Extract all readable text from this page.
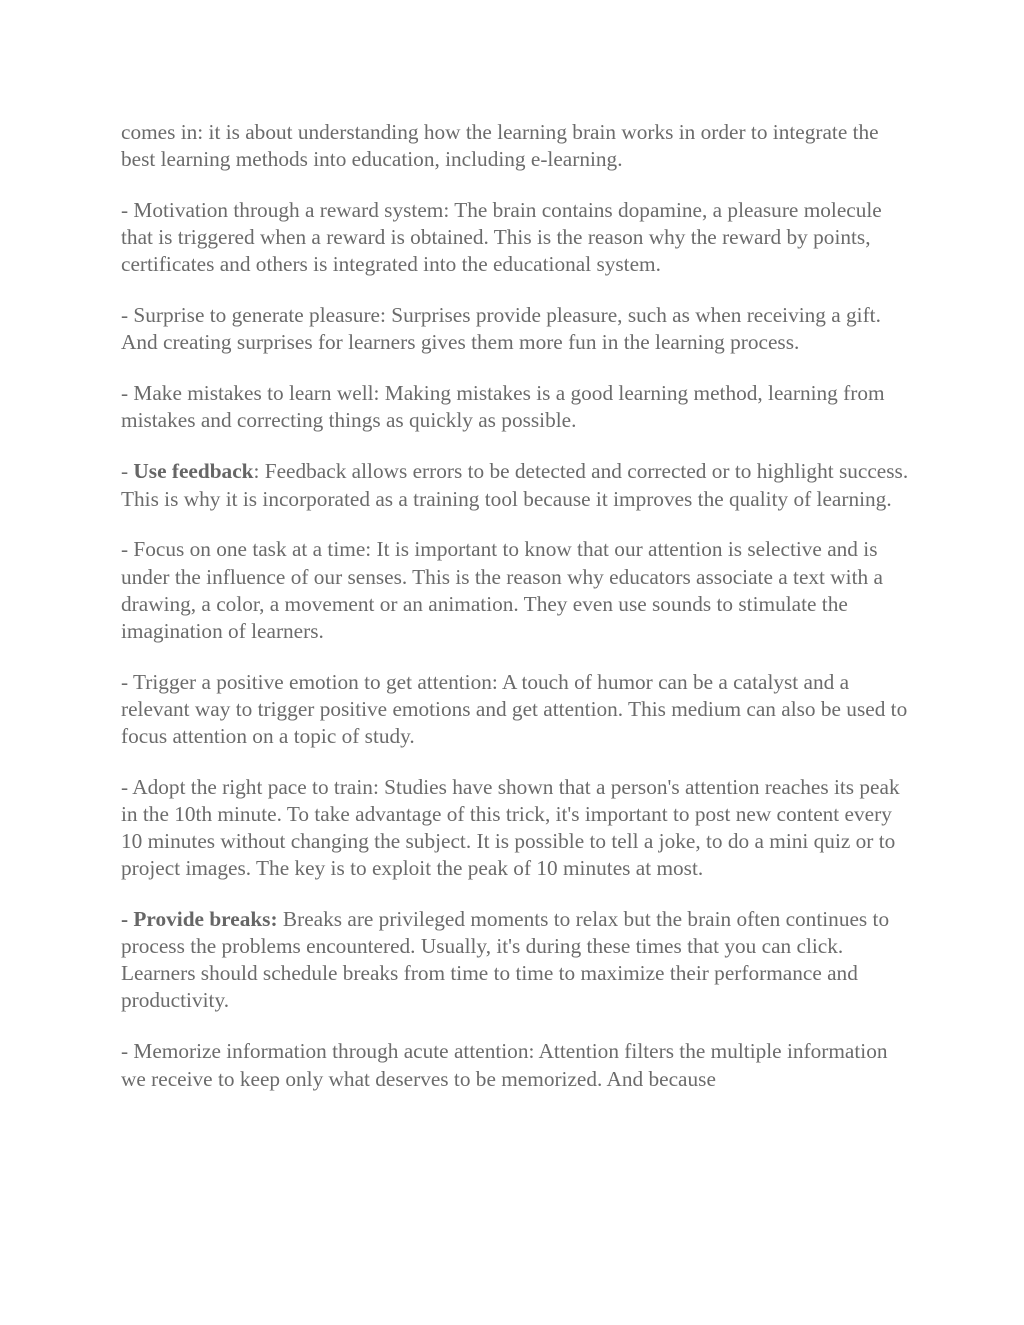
comes in: it is about understanding how the learning brain works in order to integrate the best learning methods into education, including e-learning.

- Motivation through a reward system: The brain contains dopamine, a pleasure molecule that is triggered when a reward is obtained. This is the reason why the reward by points, certificates and others is integrated into the educational system.

- Surprise to generate pleasure: Surprises provide pleasure, such as when receiving a gift. And creating surprises for learners gives them more fun in the learning process.

- Make mistakes to learn well: Making mistakes is a good learning method, learning from mistakes and correcting things as quickly as possible.

- Use feedback: Feedback allows errors to be detected and corrected or to highlight success. This is why it is incorporated as a training tool because it improves the quality of learning.

- Focus on one task at a time: It is important to know that our attention is selective and is under the influence of our senses. This is the reason why educators associate a text with a drawing, a color, a movement or an animation. They even use sounds to stimulate the imagination of learners.

- Trigger a positive emotion to get attention: A touch of humor can be a catalyst and a relevant way to trigger positive emotions and get attention. This medium can also be used to focus attention on a topic of study.

- Adopt the right pace to train: Studies have shown that a person's attention reaches its peak in the 10th minute. To take advantage of this trick, it's important to post new content every 10 minutes without changing the subject. It is possible to tell a joke, to do a mini quiz or to project images. The key is to exploit the peak of 10 minutes at most.

- Provide breaks: Breaks are privileged moments to relax but the brain often continues to process the problems encountered. Usually, it's during these times that you can click. Learners should schedule breaks from time to time to maximize their performance and productivity.

- Memorize information through acute attention: Attention filters the multiple information we receive to keep only what deserves to be memorized. And because
